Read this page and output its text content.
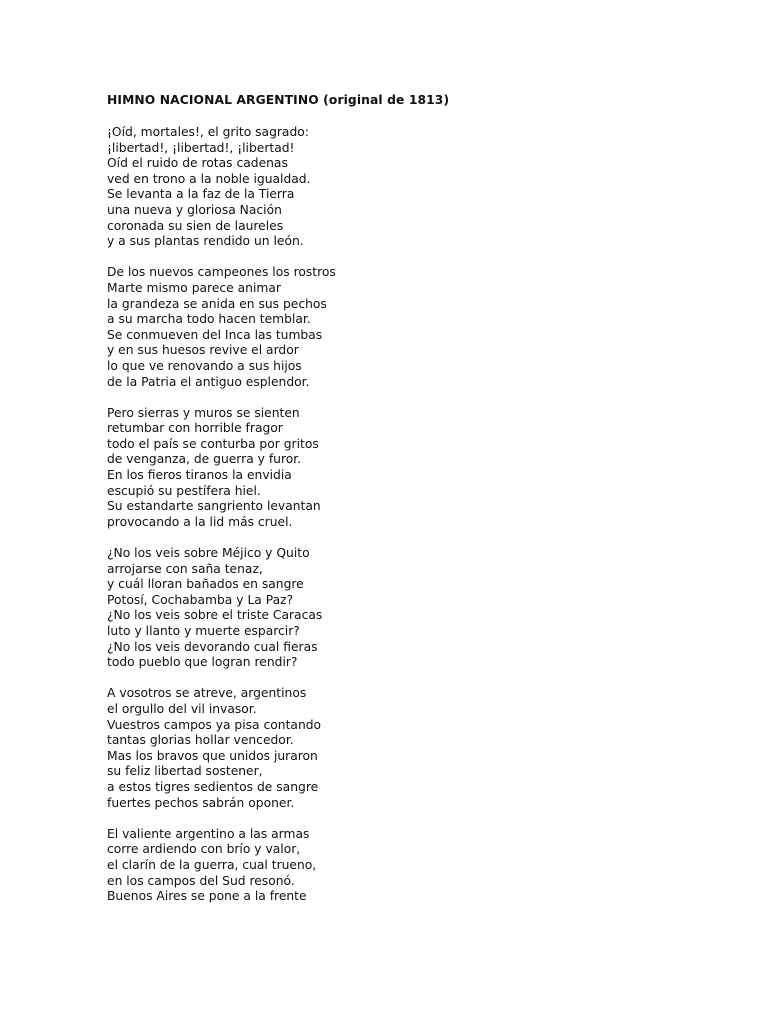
HIMNO NACIONAL ARGENTINO (original de 1813)

¡Oíd, mortales!, el grito sagrado:
¡libertad!, ¡libertad!, ¡libertad!
Oíd el ruido de rotas cadenas
ved en trono a la noble igualdad.
Se levanta a la faz de la Tierra
una nueva y gloriosa Nación
coronada su sien de laureles
y a sus plantas rendido un león.
De los nuevos campeones los rostros
Marte mismo parece animar
la grandeza se anida en sus pechos
a su marcha todo hacen temblar.
Se conmueven del Inca las tumbas
y en sus huesos revive el ardor
lo que ve renovando a sus hijos
de la Patria el antiguo esplendor.
Pero sierras y muros se sienten
retumbar con horrible fragor
todo el país se conturba por gritos
de venganza, de guerra y furor.
En los fieros tiranos la envidia
escupió su pestífera hiel.
Su estandarte sangriento levantan
provocando a la lid más cruel.
¿No los veis sobre Méjico y Quito
arrojarse con saña tenaz,
y cuál lloran bañados en sangre
Potosí, Cochabamba y La Paz?
¿No los veis sobre el triste Caracas
luto y llanto y muerte esparcir?
¿No los veis devorando cual fieras
todo pueblo que logran rendir?
A vosotros se atreve, argentinos
el orgullo del vil invasor.
Vuestros campos ya pisa contando
tantas glorias hollar vencedor.
Mas los bravos que unidos juraron
su feliz libertad sostener,
a estos tigres sedientos de sangre
fuertes pechos sabrán oponer.
El valiente argentino a las armas
corre ardiendo con brío y valor,
el clarín de la guerra, cual trueno,
en los campos del Sud resonó.
Buenos Aires se pone a la frente
